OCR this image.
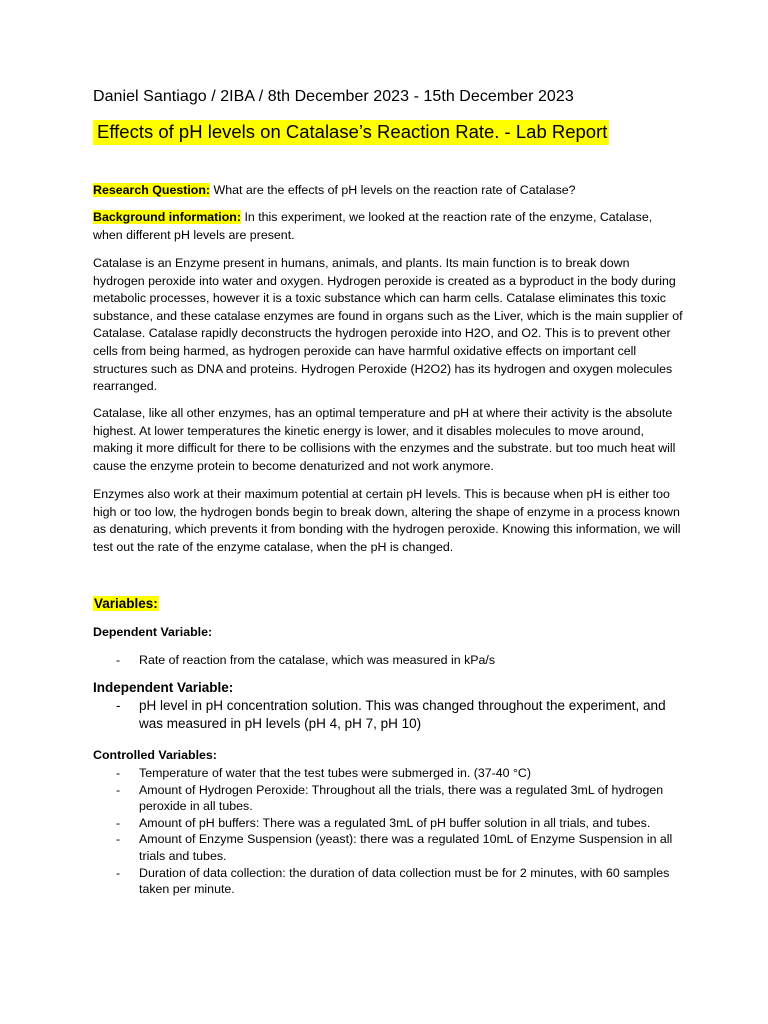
Daniel Santiago / 2IBA / 8th December 2023 - 15th December 2023
Effects of pH levels on Catalase’s Reaction Rate. - Lab Report

Research Question: What are the effects of pH levels on the reaction rate of Catalase?

Background information: In this experiment, we looked at the reaction rate of the enzyme, Catalase, when different pH levels are present.

Catalase is an Enzyme present in humans, animals, and plants. Its main function is to break down hydrogen peroxide into water and oxygen. Hydrogen peroxide is created as a byproduct in the body during metabolic processes, however it is a toxic substance which can harm cells. Catalase eliminates this toxic substance, and these catalase enzymes are found in organs such as the Liver, which is the main supplier of Catalase. Catalase rapidly deconstructs the hydrogen peroxide into H2O, and O2. This is to prevent other cells from being harmed, as hydrogen peroxide can have harmful oxidative effects on important cell structures such as DNA and proteins. Hydrogen Peroxide (H2O2) has its hydrogen and oxygen molecules rearranged.

Catalase, like all other enzymes, has an optimal temperature and pH at where their activity is the absolute highest. At lower temperatures the kinetic energy is lower, and it disables molecules to move around, making it more difficult for there to be collisions with the enzymes and the substrate. but too much heat will cause the enzyme protein to become denaturized and not work anymore.

Enzymes also work at their maximum potential at certain pH levels. This is because when pH is either too high or too low, the hydrogen bonds begin to break down, altering the shape of enzyme in a process known as denaturing, which prevents it from bonding with the hydrogen peroxide. Knowing this information, we will test out the rate of the enzyme catalase, when the pH is changed.

Variables:
Dependent Variable:
- Rate of reaction from the catalase, which was measured in kPa/s
Independent Variable:
- pH level in pH concentration solution. This was changed throughout the experiment, and was measured in pH levels (pH 4, pH 7, pH 10)
Controlled Variables:
- Temperature of water that the test tubes were submerged in. (37-40 °C)
- Amount of Hydrogen Peroxide: Throughout all the trials, there was a regulated 3mL of hydrogen peroxide in all tubes.
- Amount of pH buffers: There was a regulated 3mL of pH buffer solution in all trials, and tubes.
- Amount of Enzyme Suspension (yeast): there was a regulated 10mL of Enzyme Suspension in all trials and tubes.
- Duration of data collection: the duration of data collection must be for 2 minutes, with 60 samples taken per minute.
